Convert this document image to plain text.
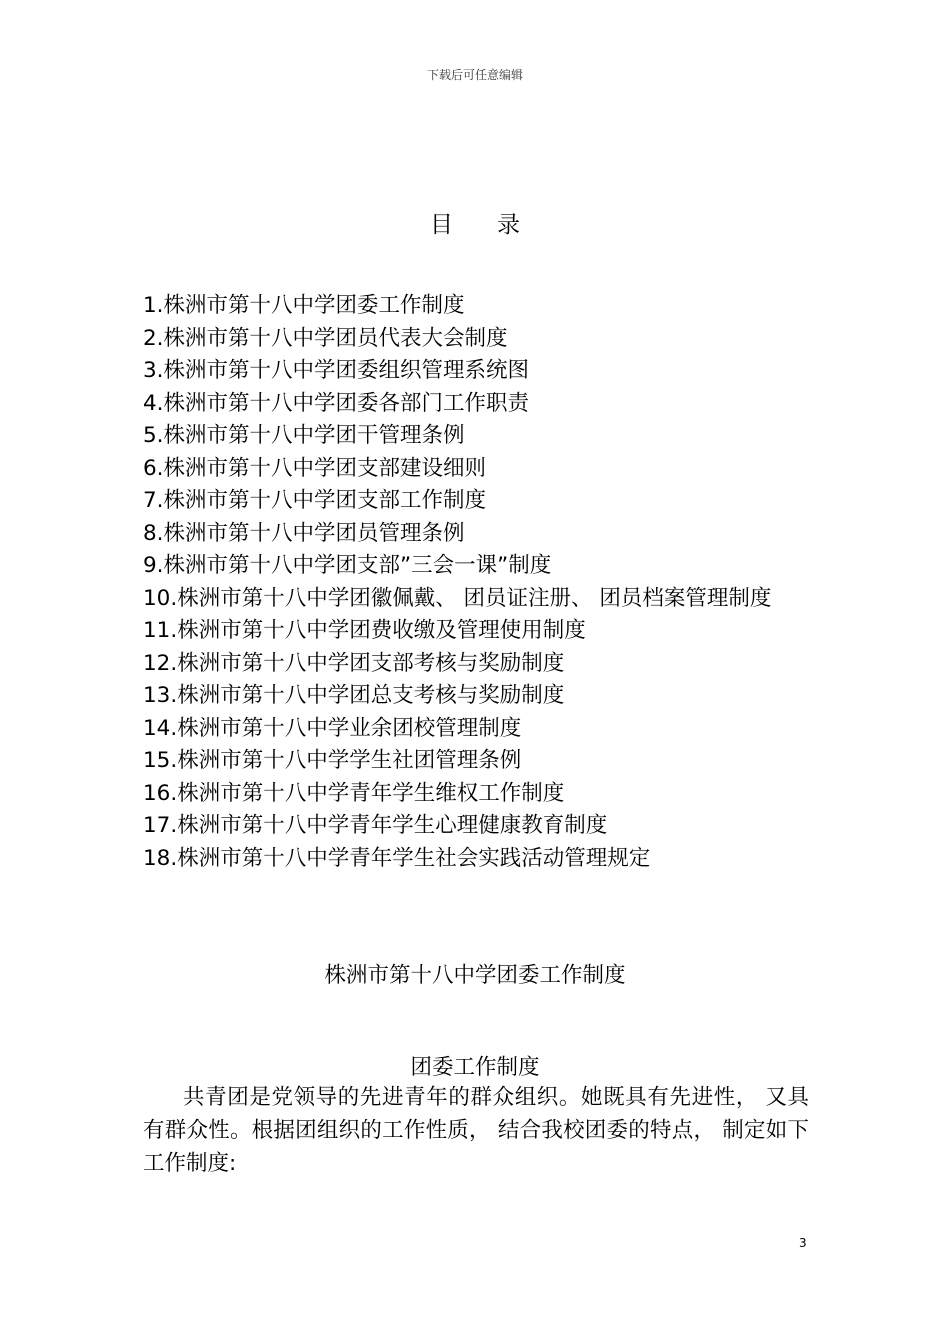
下载后可任意编辑
目录
1.株洲市第十八中学团委工作制度
2.株洲市第十八中学团员代表大会制度
3.株洲市第十八中学团委组织管理系统图
4.株洲市第十八中学团委各部门工作职责
5.株洲市第十八中学团干管理条例
6.株洲市第十八中学团支部建设细则
7.株洲市第十八中学团支部工作制度
8.株洲市第十八中学团员管理条例
9.株洲市第十八中学团支部”三会一课”制度
10.株洲市第十八中学团徽佩戴、 团员证注册、 团员档案管理制度
11.株洲市第十八中学团费收缴及管理使用制度
12.株洲市第十八中学团支部考核与奖励制度
13.株洲市第十八中学团总支考核与奖励制度
14.株洲市第十八中学业余团校管理制度
15.株洲市第十八中学学生社团管理条例
16.株洲市第十八中学青年学生维权工作制度
17.株洲市第十八中学青年学生心理健康教育制度
18.株洲市第十八中学青年学生社会实践活动管理规定
株洲市第十八中学团委工作制度
团委工作制度

共青团是党领导的先进青年的群众组织。她既具有先进性， 又具有群众性。根据团组织的工作性质， 结合我校团委的特点， 制定如下工作制度:

3
